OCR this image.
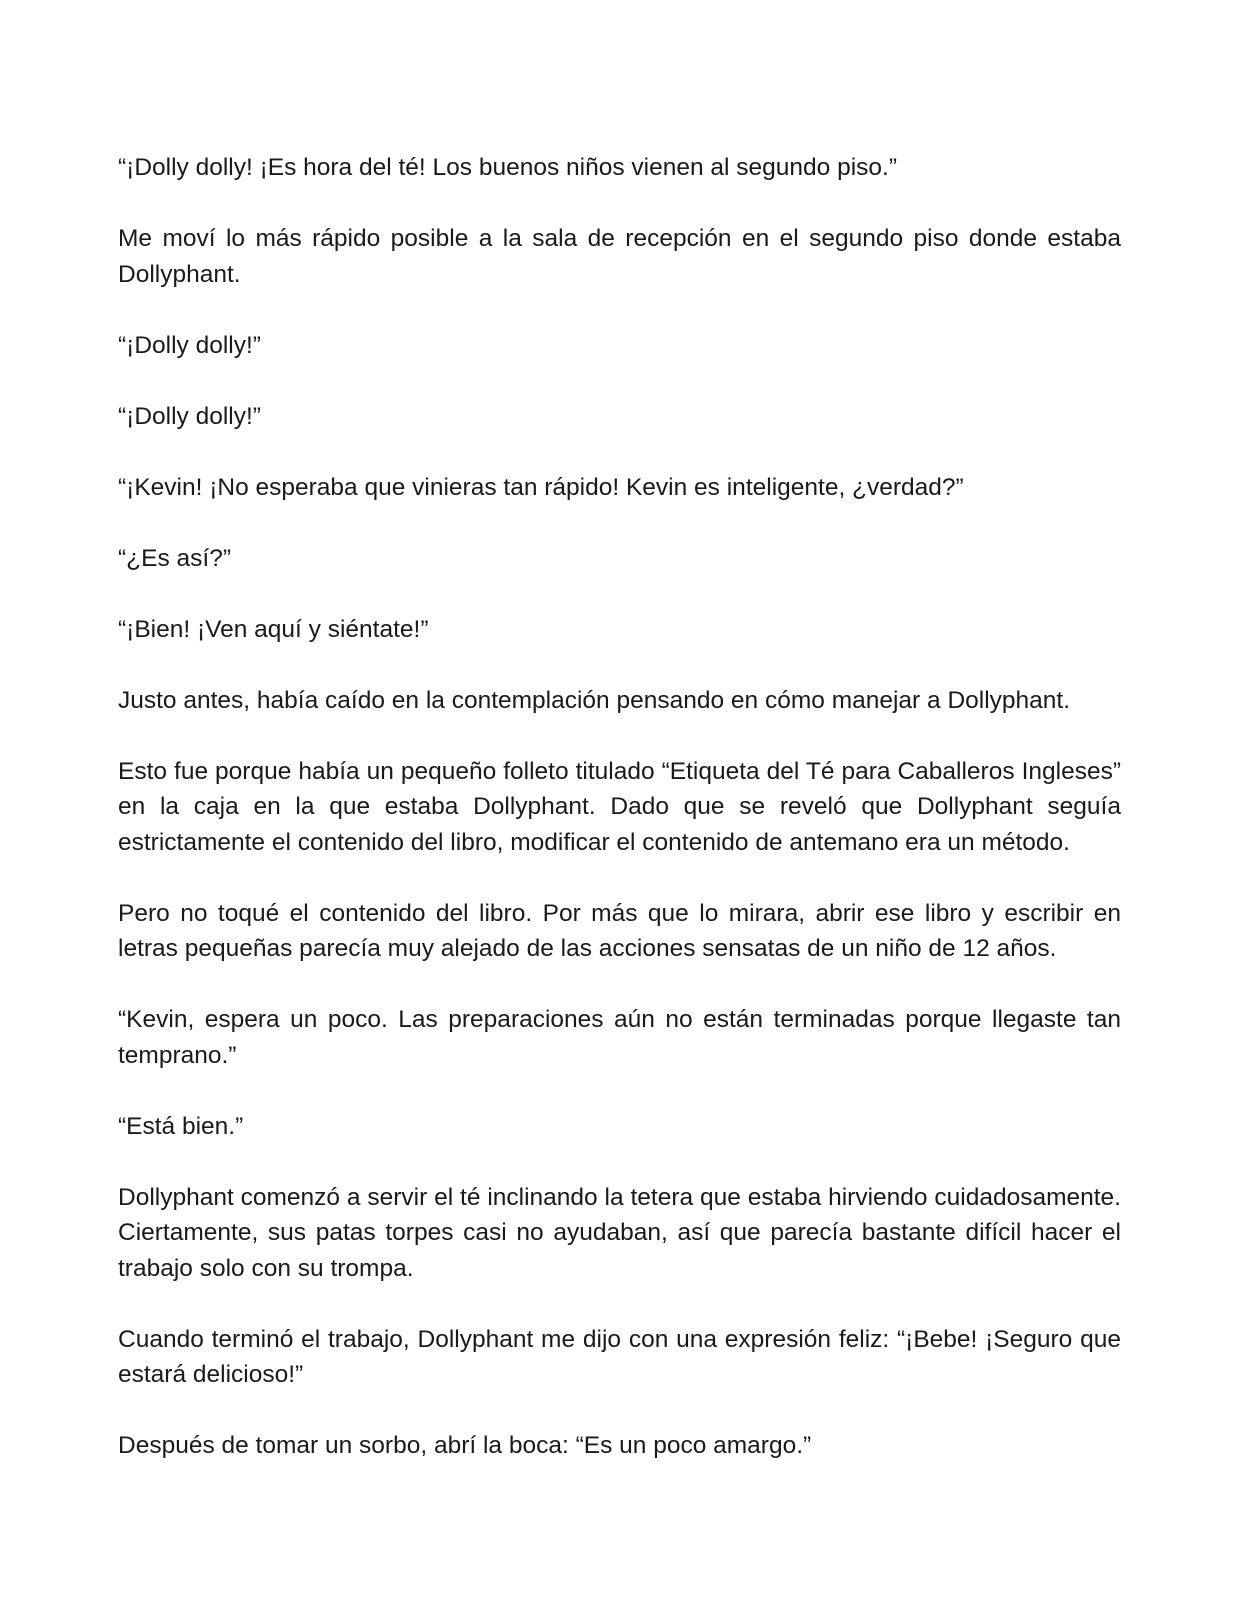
“¡Dolly dolly! ¡Es hora del té! Los buenos niños vienen al segundo piso.”

Me moví lo más rápido posible a la sala de recepción en el segundo piso donde estaba Dollyphant.

“¡Dolly dolly!”

“¡Dolly dolly!”

“¡Kevin! ¡No esperaba que vinieras tan rápido! Kevin es inteligente, ¿verdad?”

“¿Es así?”

“¡Bien! ¡Ven aquí y siéntate!”

Justo antes, había caído en la contemplación pensando en cómo manejar a Dollyphant.

Esto fue porque había un pequeño folleto titulado “Etiqueta del Té para Caballeros Ingleses” en la caja en la que estaba Dollyphant. Dado que se reveló que Dollyphant seguía estrictamente el contenido del libro, modificar el contenido de antemano era un método.

Pero no toqué el contenido del libro. Por más que lo mirara, abrir ese libro y escribir en letras pequeñas parecía muy alejado de las acciones sensatas de un niño de 12 años.

“Kevin, espera un poco. Las preparaciones aún no están terminadas porque llegaste tan temprano.”

“Está bien.”

Dollyphant comenzó a servir el té inclinando la tetera que estaba hirviendo cuidadosamente. Ciertamente, sus patas torpes casi no ayudaban, así que parecía bastante difícil hacer el trabajo solo con su trompa.

Cuando terminó el trabajo, Dollyphant me dijo con una expresión feliz: “¡Bebe! ¡Seguro que estará delicioso!”

Después de tomar un sorbo, abrí la boca: “Es un poco amargo.”
